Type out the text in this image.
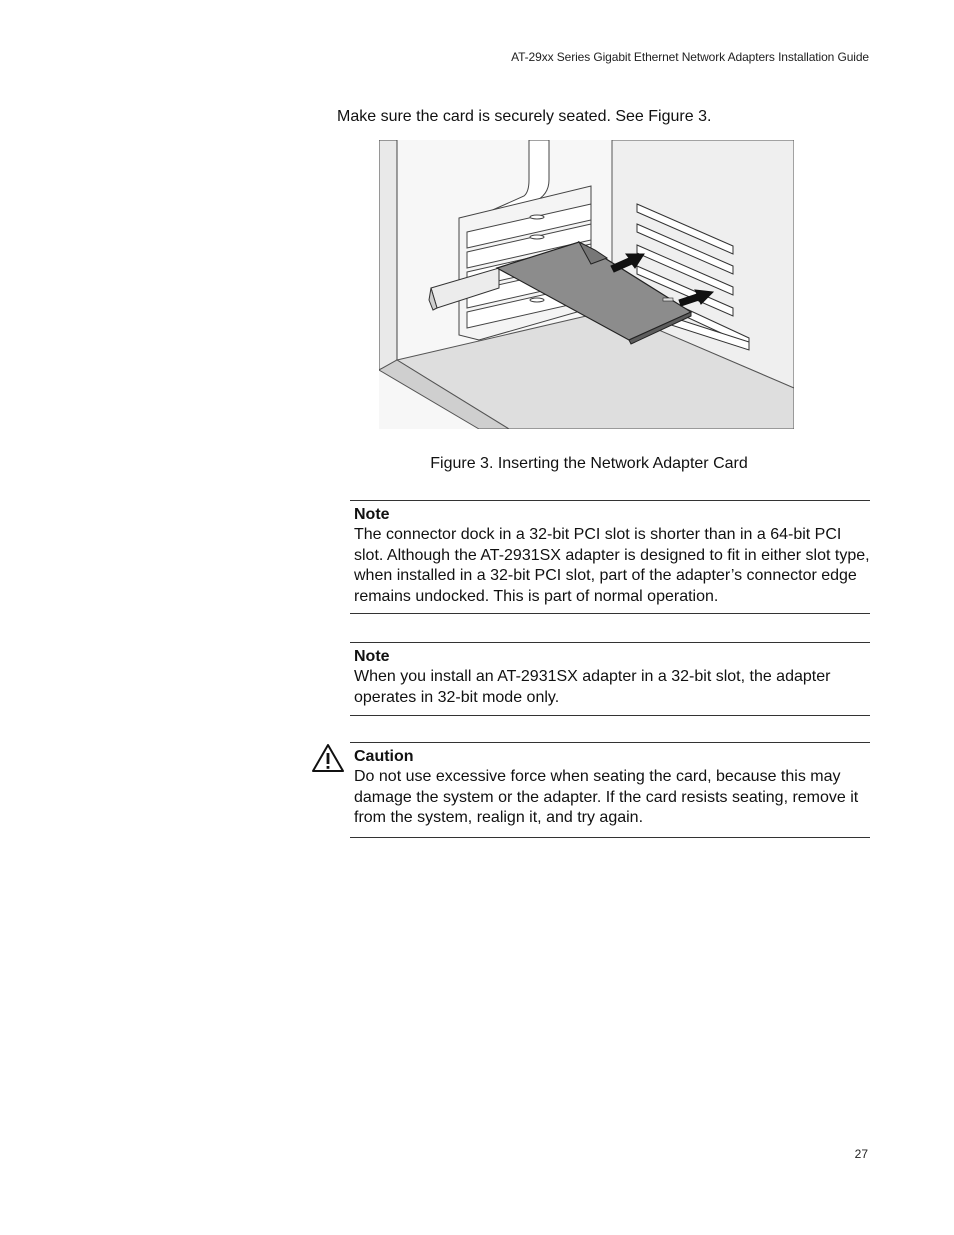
AT-29xx Series Gigabit Ethernet Network Adapters Installation Guide
Make sure the card is securely seated. See Figure 3.
Figure 3. Inserting the Network Adapter Card
Note
The connector dock in a 32-bit PCI slot is shorter than in a 64-bit PCI slot. Although the AT-2931SX adapter is designed to fit in either slot type, when installed in a 32-bit PCI slot, part of the adapter’s connector edge remains undocked. This is part of normal operation.
Note
When you install an AT-2931SX adapter in a 32-bit slot, the adapter operates in 32-bit mode only.
Caution
Do not use excessive force when seating the card, because this may damage the system or the adapter. If the card resists seating, remove it from the system, realign it, and try again.
27
